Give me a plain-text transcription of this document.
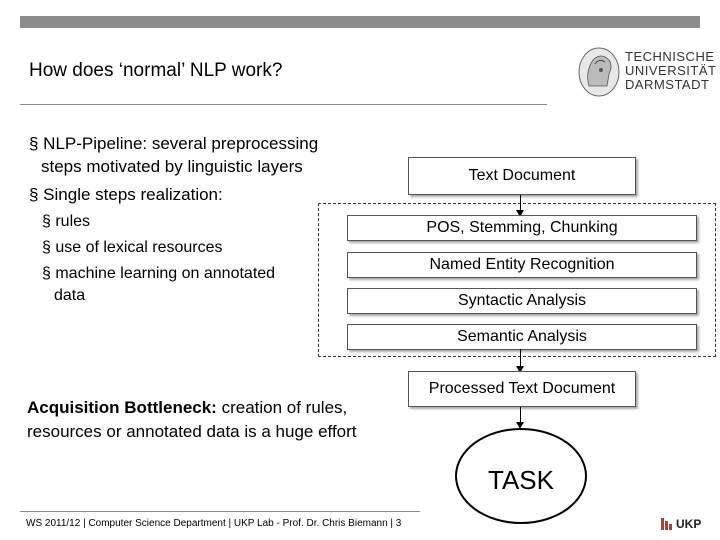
How does ‘normal’ NLP work?
TECHNISCHE
UNIVERSITÄT
DARMSTADT
§ NLP-Pipeline: several preprocessing
steps motivated by linguistic layers
§ Single steps realization:
§ rules
§ use of lexical resources
§ machine learning on annotated
data
Text Document
POS, Stemming, Chunking
Named Entity Recognition
Syntactic Analysis
Semantic Analysis
Processed Text Document
TASK
Acquisition Bottleneck: creation of rules, resources or annotated data is a huge effort
WS 2011/12 | Computer Science Department | UKP Lab - Prof. Dr. Chris Biemann | 3	UKP
